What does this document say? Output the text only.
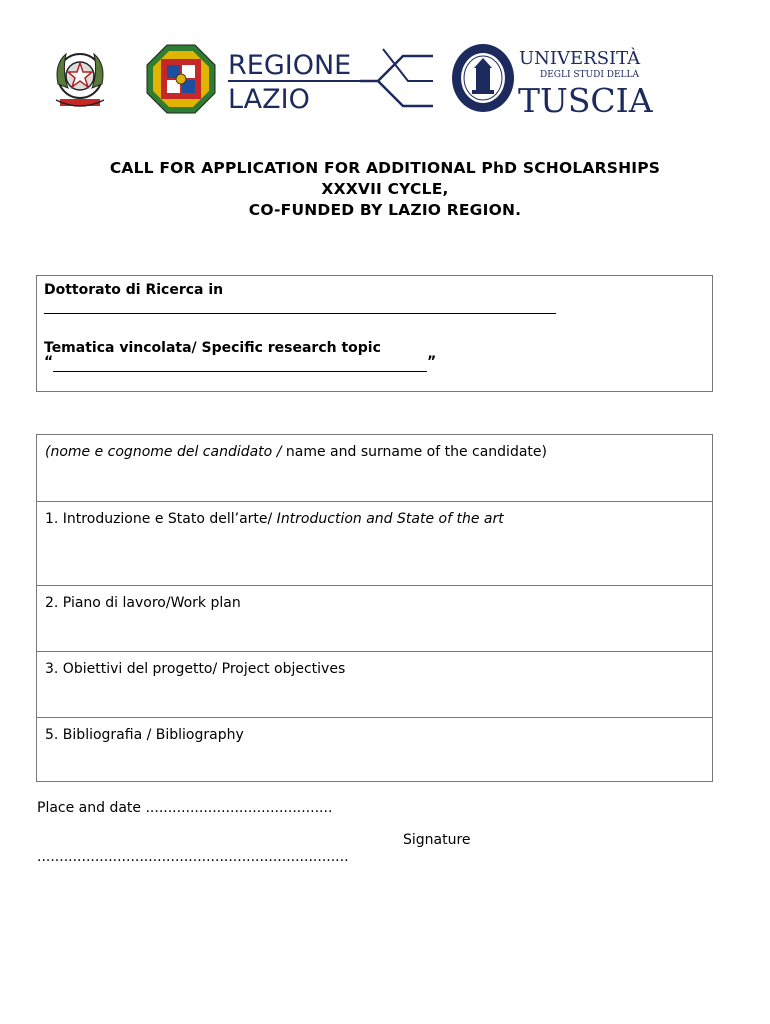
REGIONE
LAZIO
UNIVERSITÀ
DEGLI STUDI DELLA
TUSCIA
CALL FOR APPLICATION FOR ADDITIONAL PhD SCHOLARSHIPS
XXXVII CYCLE,
CO-FUNDED BY LAZIO REGION.
Dottorato di Ricerca in
Tematica vincolata/ Specific research topic
“	”
(nome e cognome del candidato / name and surname of the candidate)
1. Introduzione e Stato dell’arte/ Introduction and State of the art
2. Piano di lavoro/Work plan
3. Obiettivi del progetto/ Project objectives
5. Bibliografia / Bibliography
Place and date ..........................................
Signature
......................................................................
